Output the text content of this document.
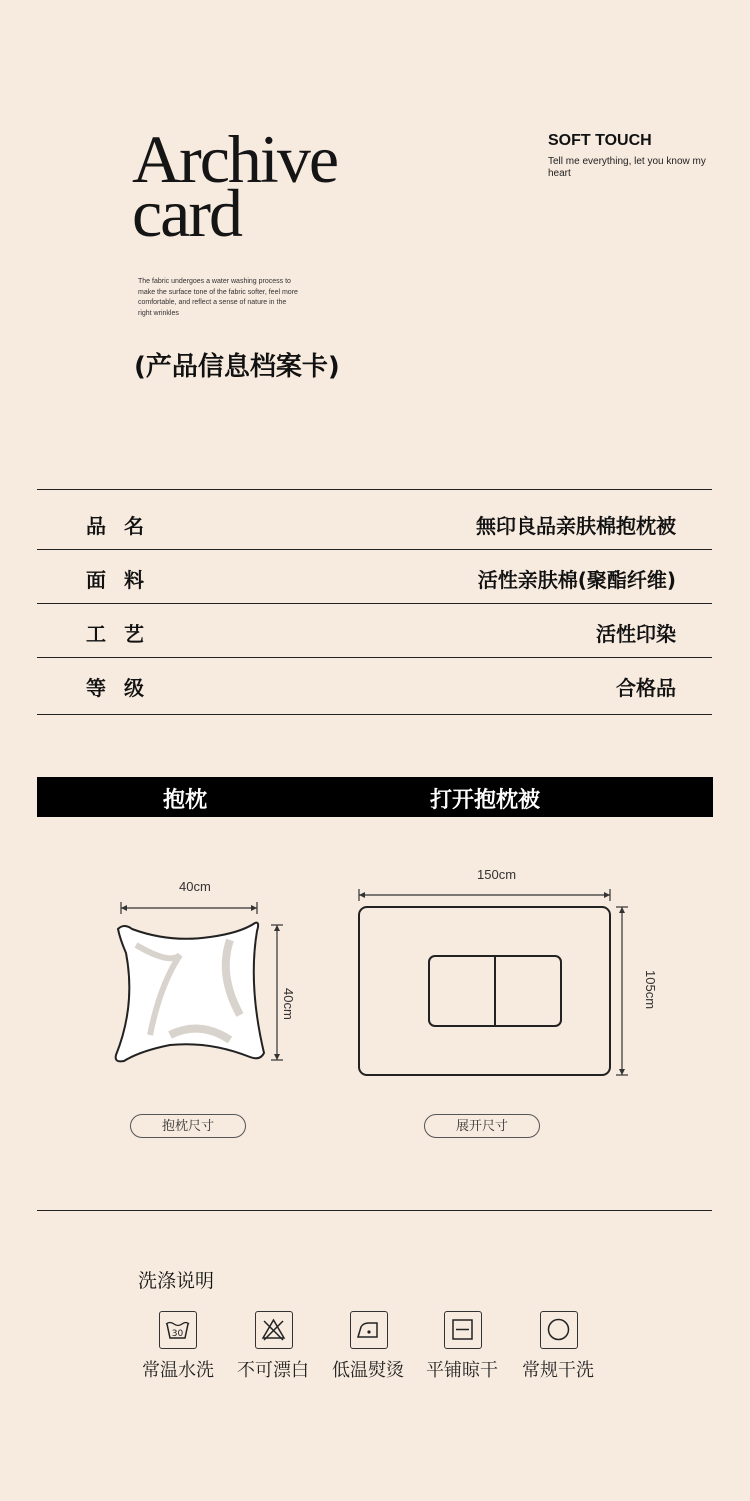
Archive
card
The fabric undergoes a water washing process to make the surface tone of the fabric softer, feel more comfortable, and reflect a sense of nature in the right wrinkles
SOFT TOUCH
Tell me everything, let you know my heart
(产品信息档案卡)
品名	無印良品亲肤棉抱枕被
面料	活性亲肤棉(聚酯纤维)
工艺	活性印染
等级	合格品
抱枕	打开抱枕被
40cm
40cm
抱枕尺寸
150cm
105cm
展开尺寸
洗涤说明
30
常温水洗	不可漂白	低温熨烫	平铺晾干	常规干洗
